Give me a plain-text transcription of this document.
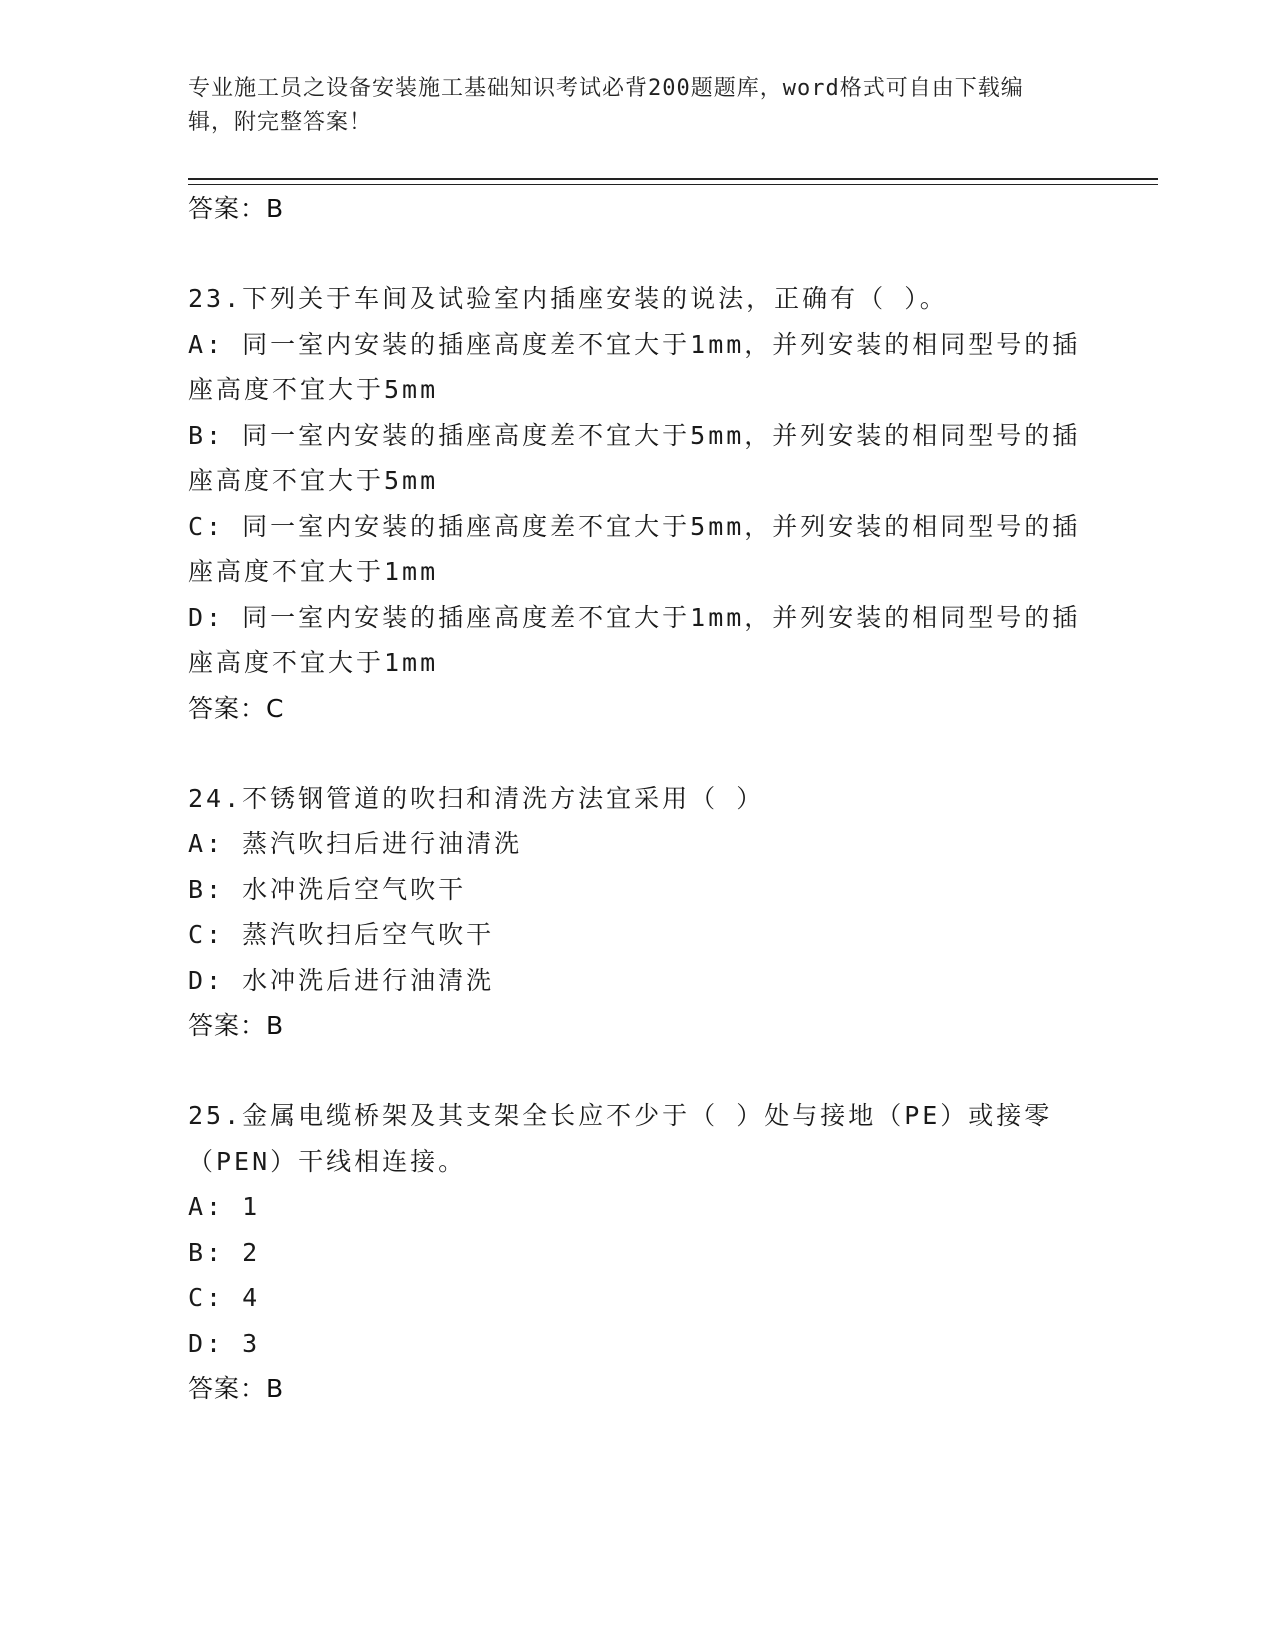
专业施工员之设备安装施工基础知识考试必背200题题库，word格式可自由下载编辑，附完整答案！
答案：B
23.下列关于车间及试验室内插座安装的说法，正确有（ ）。
A: 同一室内安装的插座高度差不宜大于1mm，并列安装的相同型号的插座高度不宜大于5mm
B: 同一室内安装的插座高度差不宜大于5mm，并列安装的相同型号的插座高度不宜大于5mm
C: 同一室内安装的插座高度差不宜大于5mm，并列安装的相同型号的插座高度不宜大于1mm
D: 同一室内安装的插座高度差不宜大于1mm，并列安装的相同型号的插座高度不宜大于1mm
答案：C
24.不锈钢管道的吹扫和清洗方法宜采用（ ）
A: 蒸汽吹扫后进行油清洗
B: 水冲洗后空气吹干
C: 蒸汽吹扫后空气吹干
D: 水冲洗后进行油清洗
答案：B
25.金属电缆桥架及其支架全长应不少于（ ）处与接地（PE）或接零（PEN）干线相连接。
A: 1
B: 2
C: 4
D: 3
答案：B
